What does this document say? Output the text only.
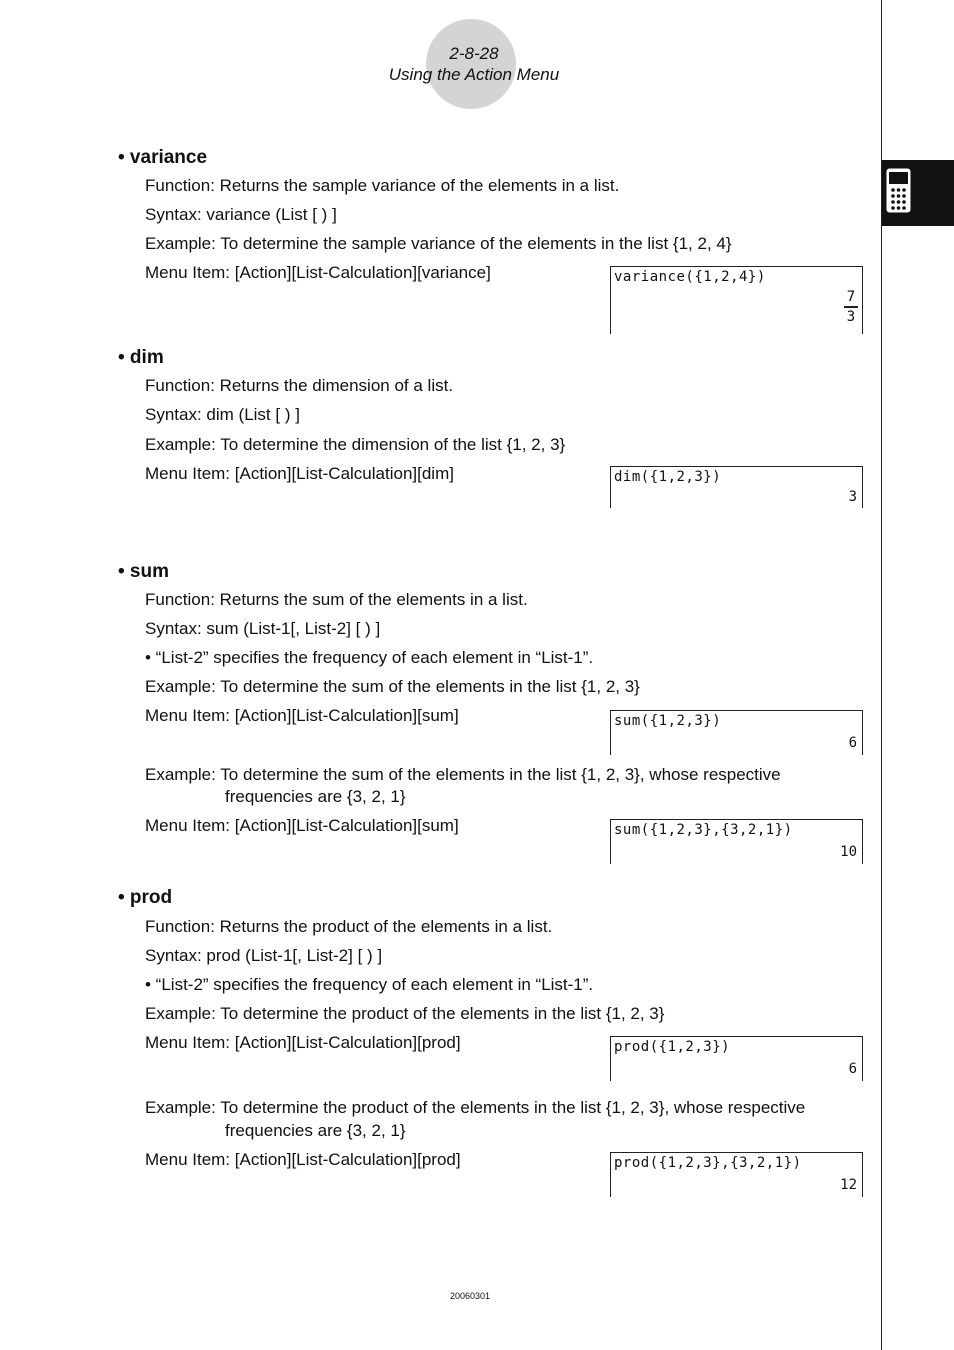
2-8-28
Using the Action Menu
• variance
Function: Returns the sample variance of the elements in a list.
Syntax: variance (List [ ) ]
Example: To determine the sample variance of the elements in the list {1, 2, 4}
Menu Item: [Action][List-Calculation][variance]	variance({1,2,4})
7
3
• dim
Function: Returns the dimension of a list.
Syntax: dim (List [ ) ]
Example: To determine the dimension of the list {1, 2, 3}
Menu Item: [Action][List-Calculation][dim]	dim({1,2,3})
3
• sum
Function: Returns the sum of the elements in a list.
Syntax: sum (List-1[, List-2] [ ) ]
• “List-2” specifies the frequency of each element in “List-1”.
Example: To determine the sum of the elements in the list {1, 2, 3}
Menu Item: [Action][List-Calculation][sum]	sum({1,2,3})
6
Example: To determine the sum of the elements in the list {1, 2, 3}, whose respective
frequencies are {3, 2, 1}
Menu Item: [Action][List-Calculation][sum]	sum({1,2,3},{3,2,1})
10
• prod
Function: Returns the product of the elements in a list.
Syntax: prod (List-1[, List-2] [ ) ]
• “List-2” specifies the frequency of each element in “List-1”.
Example: To determine the product of the elements in the list {1, 2, 3}
Menu Item: [Action][List-Calculation][prod]	prod({1,2,3})
6
Example: To determine the product of the elements in the list {1, 2, 3}, whose respective
frequencies are {3, 2, 1}
Menu Item: [Action][List-Calculation][prod]	prod({1,2,3},{3,2,1})
12
20060301
